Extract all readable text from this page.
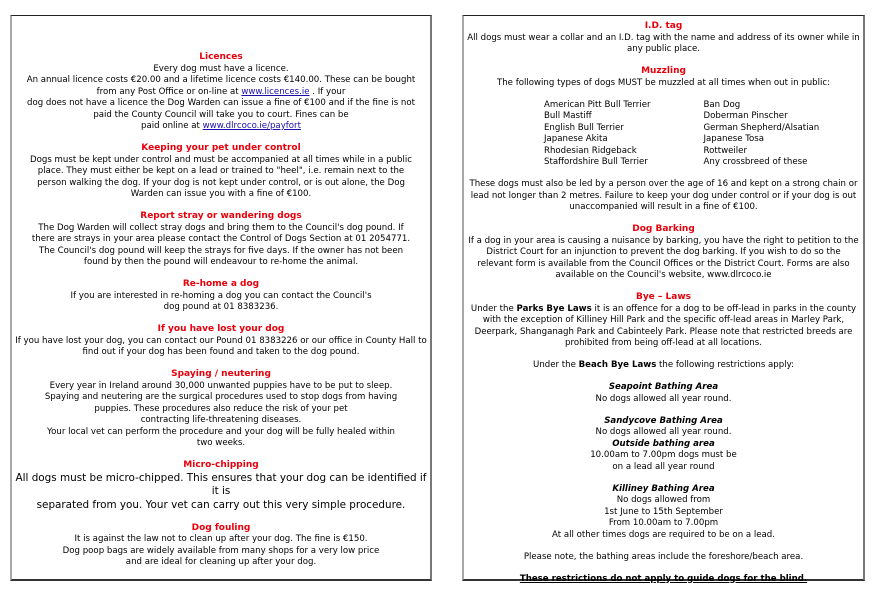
Licences
Every dog must have a licence.
An annual licence costs €20.00 and a lifetime licence costs €140.00. These can be bought
from any Post Office or on-line at www.licences.ie . If your
dog does not have a licence the Dog Warden can issue a fine of €100 and if the fine is not
paid the County Council will take you to court. Fines can be
paid online at www.dlrcoco.ie/payfort
Keeping your pet under control
Dogs must be kept under control and must be accompanied at all times while in a public
place. They must either be kept on a lead or trained to "heel", i.e. remain next to the
person walking the dog. If your dog is not kept under control, or is out alone, the Dog
Warden can issue you with a fine of €100.
Report stray or wandering dogs
The Dog Warden will collect stray dogs and bring them to the Council's dog pound. If
there are strays in your area please contact the Control of Dogs Section at 01 2054771.
The Council's dog pound will keep the strays for five days. If the owner has not been
found by then the pound will endeavour to re-home the animal.
Re-home a dog
If you are interested in re-homing a dog you can contact the Council's
dog pound at 01 8383236.
If you have lost your dog
If you have lost your dog, you can contact our Pound 01 8383226 or our office in County Hall to
find out if your dog has been found and taken to the dog pound.
Spaying / neutering
Every year in Ireland around 30,000 unwanted puppies have to be put to sleep.
Spaying and neutering are the surgical procedures used to stop dogs from having
puppies. These procedures also reduce the risk of your pet
contracting life-threatening diseases.
Your local vet can perform the procedure and your dog will be fully healed within
two weeks.
Micro-chipping
All dogs must be micro-chipped. This ensures that your dog can be identified if it is
separated from you. Your vet can carry out this very simple procedure.
Dog fouling
It is against the law not to clean up after your dog. The fine is €150.
Dog poop bags are widely available from many shops for a very low price
and are ideal for cleaning up after your dog.
I.D. tag
All dogs must wear a collar and an I.D. tag with the name and address of its owner while in
any public place.
Muzzling
The following types of dogs MUST be muzzled at all times when out in public:
American Pitt Bull Terrier
Bull Mastiff
English Bull Terrier
Japanese Akita
Rhodesian Ridgeback
Staffordshire Bull Terrier
Ban Dog
Doberman Pinscher
German Shepherd/Alsatian
Japanese Tosa
Rottweiler
Any crossbreed of these
These dogs must also be led by a person over the age of 16 and kept on a strong chain or
lead not longer than 2 metres. Failure to keep your dog under control or if your dog is out
unaccompanied will result in a fine of €100.
Dog Barking
If a dog in your area is causing a nuisance by barking, you have the right to petition to the
District Court for an injunction to prevent the dog barking. If you wish to do so the
relevant form is available from the Council Offices or the District Court. Forms are also
available on the Council's website, www.dlrcoco.ie
Bye – Laws
Under the Parks Bye Laws it is an offence for a dog to be off-lead in parks in the county
with the exception of Killiney Hill Park and the specific off-lead areas in Marley Park,
Deerpark, Shanganagh Park and Cabinteely Park. Please note that restricted breeds are
prohibited from being off-lead at all locations.
Under the Beach Bye Laws the following restrictions apply:
Seapoint Bathing Area
No dogs allowed all year round.
Sandycove Bathing Area
No dogs allowed all year round.
Outside bathing area
10.00am to 7.00pm dogs must be
on a lead all year round
Killiney Bathing Area
No dogs allowed from
1st June to 15th September
From 10.00am to 7.00pm
At all other times dogs are required to be on a lead.
Please note, the bathing areas include the foreshore/beach area.
These restrictions do not apply to guide dogs for the blind.
